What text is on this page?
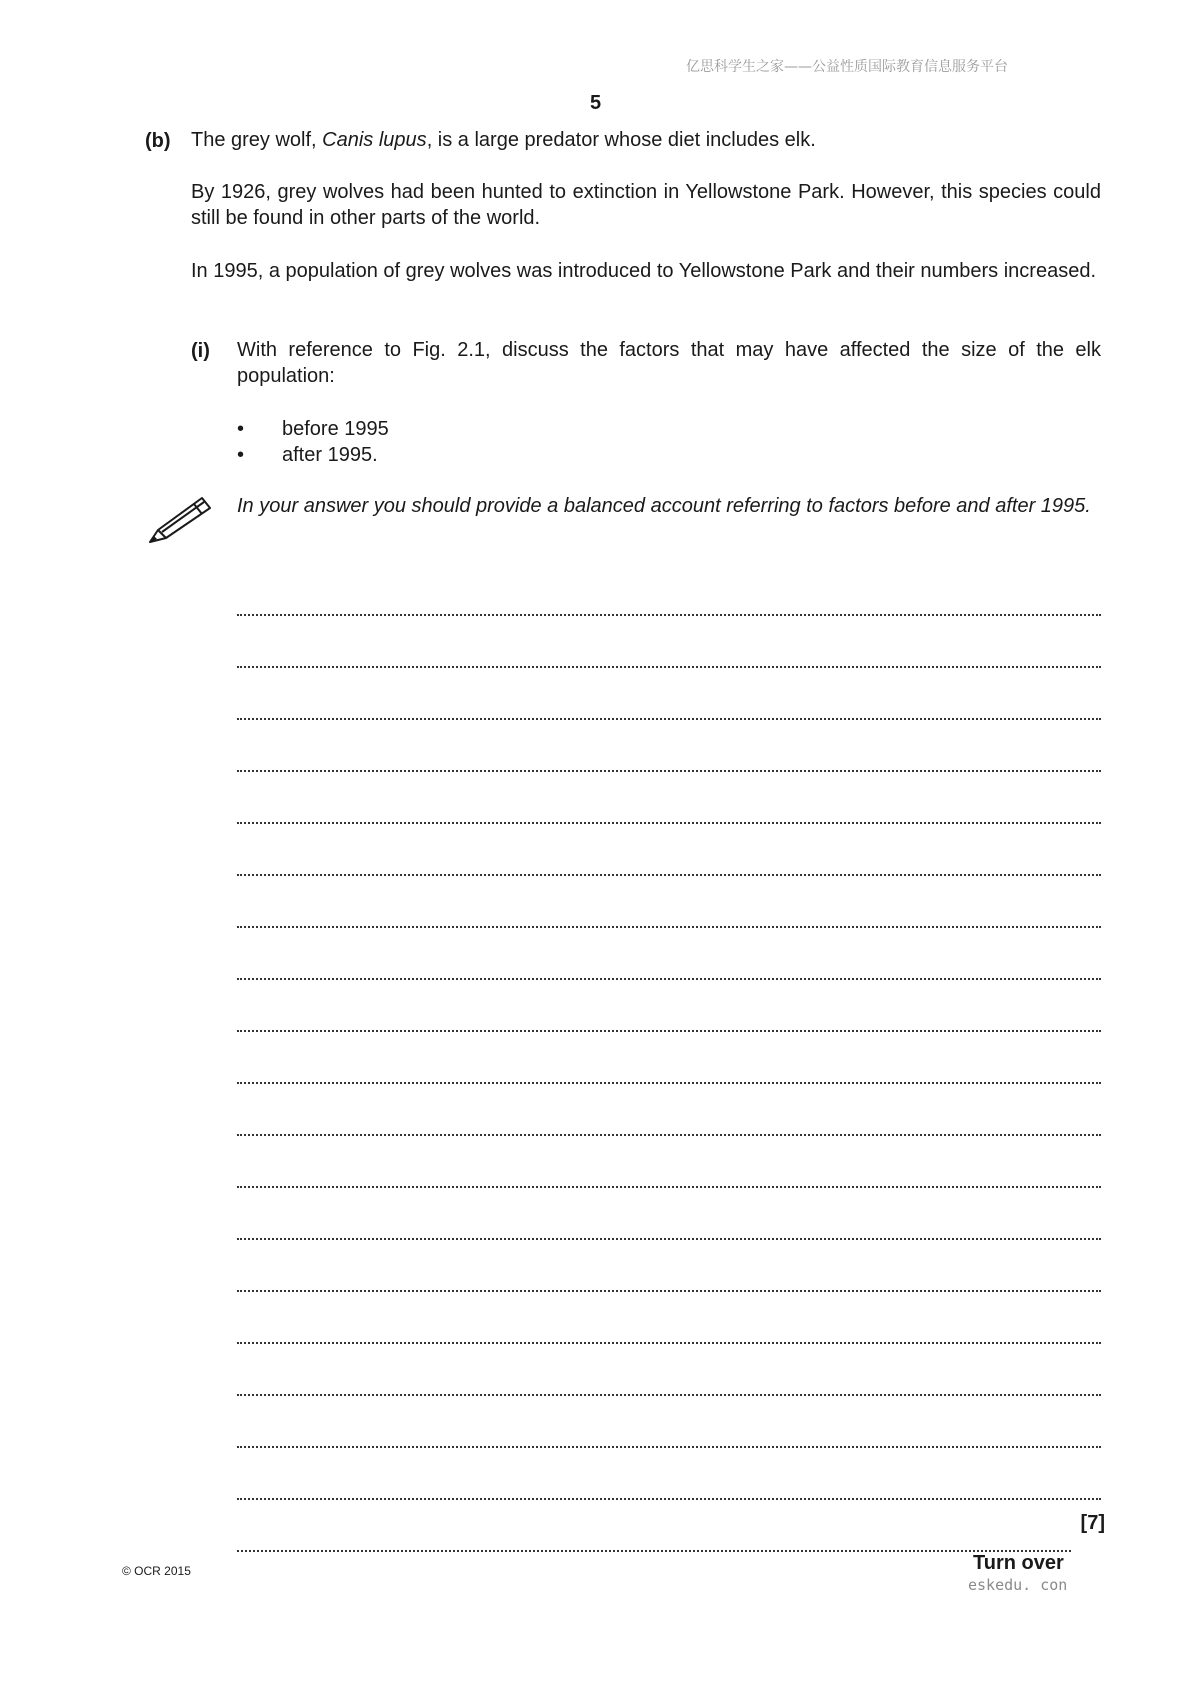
亿思科学生之家——公益性质国际教育信息服务平台
5
(b) The grey wolf, Canis lupus, is a large predator whose diet includes elk.
By 1926, grey wolves had been hunted to extinction in Yellowstone Park. However, this species could still be found in other parts of the world.
In 1995, a population of grey wolves was introduced to Yellowstone Park and their numbers increased.
(i) With reference to Fig. 2.1, discuss the factors that may have affected the size of the elk population:
• before 1995
• after 1995.
In your answer you should provide a balanced account referring to factors before and after 1995.
[7]
© OCR 2015	Turn over
eskedu. con
